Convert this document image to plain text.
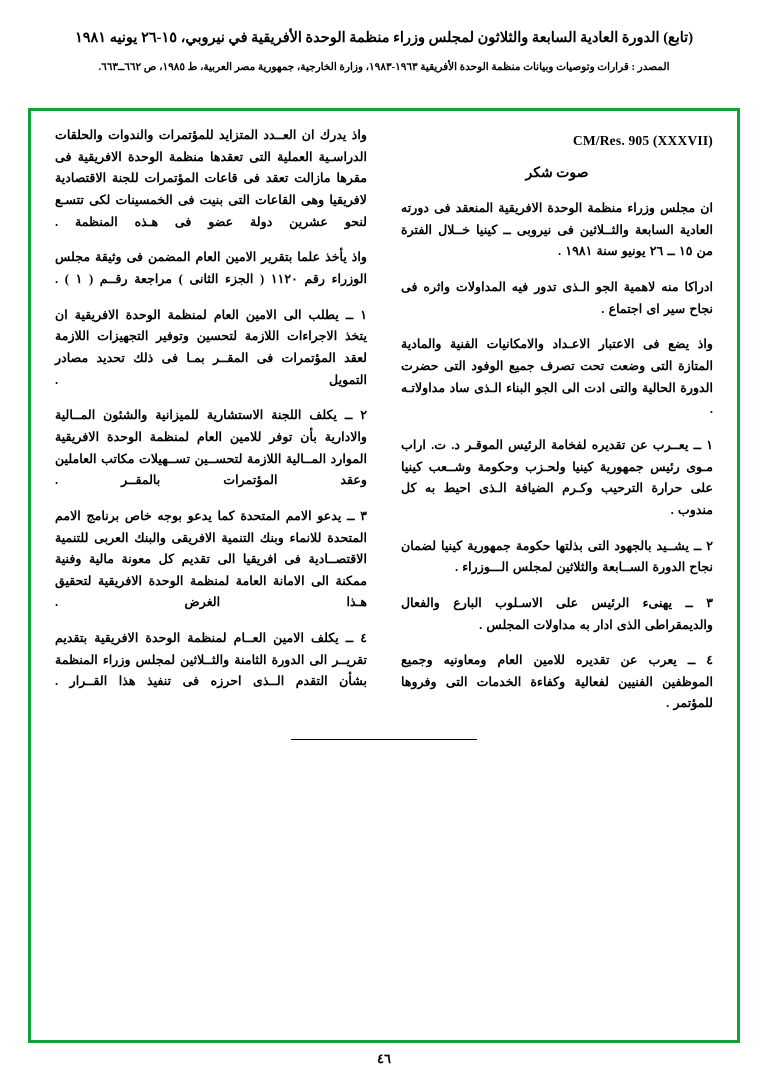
(تابع) الدورة العادية السابعة والثلاثون لمجلس وزراء منظمة الوحدة الأفريقية في نيروبي، ١٥-٢٦ يونيه ١٩٨١
المصدر : قرارات وتوصيات وبيانات منظمة الوحدة الأفريقية ١٩٦٣-١٩٨٣، وزارة الخارجية، جمهورية مصر العربية، ط ١٩٨٥، ص ٦٦٢ــ٦٦٣.
CM/Res. 905 (XXXVII)
صوت شكر

ان مجلس وزراء منظمة الوحدة الافريقية المنعقد فى دورته العادية السابعة والثــلاثين فى نيروبى ــ كينيا خــلال الفترة من ١٥ ــ ٢٦ يونيو سنة ١٩٨١ .

ادراكا منه لاهمية الجو الـذى تدور فيه المداولات واثره فى نجاح سير اى اجتماع .

واذ يضع فى الاعتبار الاعـداد والامكانيات الفنية والمادية المتازة التى وضعت تحت تصرف جميع الوفود التى حضرت الدورة الحالية والتى ادت الى الجو البناء الـذى ساد مداولاتـه .

١ ــ يعــرب عن تقديره لفخامة الرئيس الموقـر د. ت. اراب مـوى رئيس جمهورية كينيا ولحـزب وحكومة وشــعب كينيا على حرارة الترحيب وكـرم الضيافة الـذى احيط به كل مندوب .

٢ ــ يشــيد بالجهود التى بذلتها حكومة جمهورية كينيا لضمان نجاح الدورة الســابعة والثلاثين لمجلس الـــوزراء .

٣ ــ يهنىء الرئيس على الاسـلوب البارع والفعال والديمقراطى الذى ادار به مداولات المجلس .

٤ ــ يعرب عن تقديره للامين العام ومعاونيه وجميع الموظفين الفنيين لفعالية وكفاءة الخدمات التى وفروها للمؤتمر .

واذ يدرك ان العــدد المتزايد للمؤتمرات والندوات والحلقات الدراسـية العملية التى تعقدها منظمة الوحدة الافريقية فى مقرها مازالت تعقد فى قاعات المؤتمرات للجنة الاقتصادية لافريقيا وهى القاعات التى بنيت فى الخمسينات لكى تتسـع لنحو عشرين دولة عضو فى هـذه المنظمة .

واذ يأخذ علما بتقرير الامين العام المضمن فى وثيقة مجلس الوزراء رقم ١١٢٠ ( الجزء الثانى ) مراجعة رقــم ( ١ ) .

١ ــ يطلب الى الامين العام لمنظمة الوحدة الافريقية ان يتخذ الاجراءات اللازمة لتحسين وتوفير التجهيزات اللازمة لعقد المؤتمرات فى المقــر بمـا فى ذلك تحديد مصادر التمويل .

٢ ــ يكلف اللجنة الاستشارية للميزانية والشئون المــالية والادارية بأن توفر للامين العام لمنظمة الوحدة الافريقية الموارد المــالية اللازمة لتحســين تســهيلات مكاتب العاملين وعقد المؤتمرات بالمقــر .

٣ ــ يدعو الامم المتحدة كما يدعو بوجه خاص برنامج الامم المتحدة للانماء وبنك التنمية الافريقى والبنك العربى للتنمية الاقتصــادية فى افريقيا الى تقديم كل معونة مالية وفنية ممكنة الى الامانة العامة لمنظمة الوحدة الافريقية لتحقيق هـذا الغرض .

٤ ــ يكلف الامين العــام لمنظمة الوحدة الافريقية بتقديم تقريــر الى الدورة الثامنة والثــلاثين لمجلس وزراء المنظمة بشأن التقدم الــذى احرزه فى تنفيذ هذا القــرار .

٤٦
